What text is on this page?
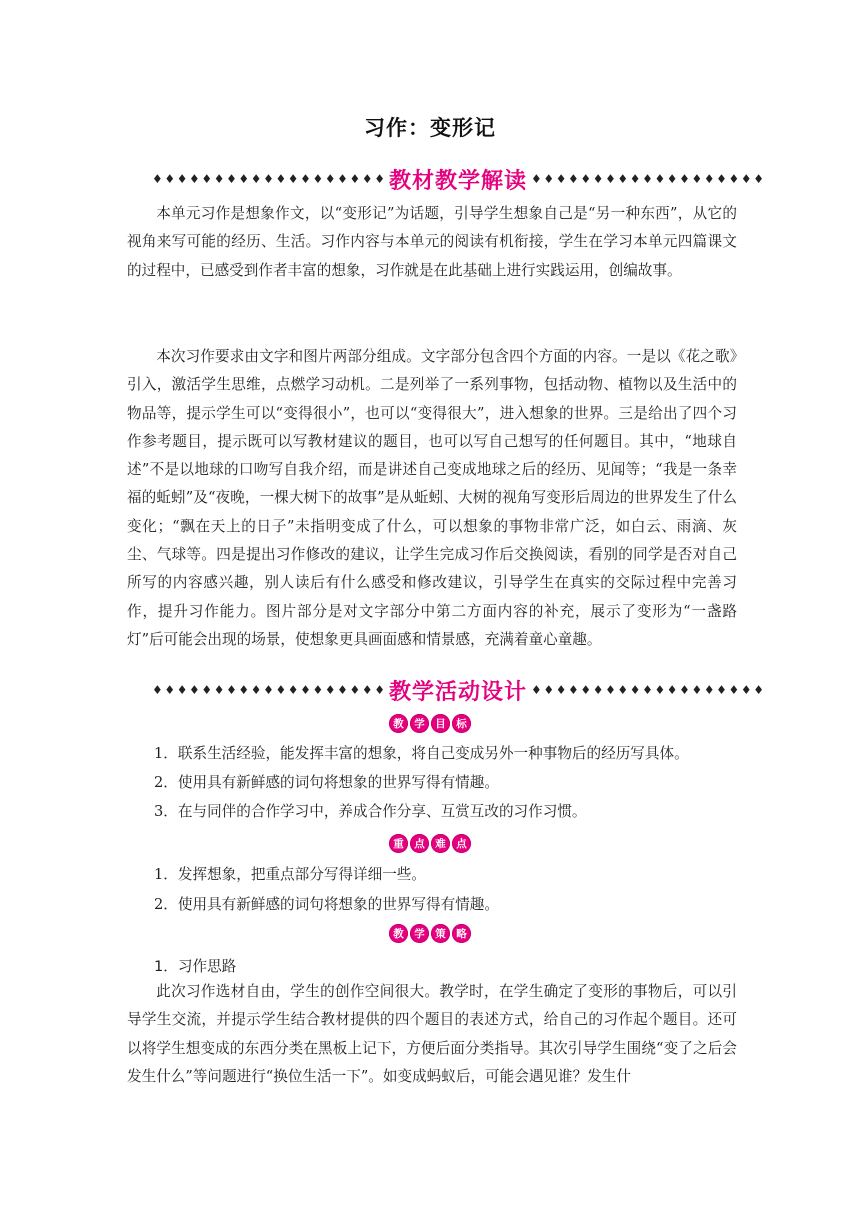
习作：变形记
♦ ♦ ♦ ♦ ♦ ♦ ♦ ♦ ♦ ♦ ♦ ♦ ♦ ♦ ♦ ♦ ♦ ♦ ♦ 教材教学解读 ♦ ♦ ♦ ♦ ♦ ♦ ♦ ♦ ♦ ♦ ♦ ♦ ♦ ♦ ♦ ♦ ♦ ♦ ♦

本单元习作是想象作文，以“变形记”为话题，引导学生想象自己是“另一种东西”，从它的视角来写可能的经历、生活。习作内容与本单元的阅读有机衔接，学生在学习本单元四篇课文的过程中，已感受到作者丰富的想象，习作就是在此基础上进行实践运用，创编故事。

本次习作要求由文字和图片两部分组成。文字部分包含四个方面的内容。一是以《花之歌》引入，激活学生思维，点燃学习动机。二是列举了一系列事物，包括动物、植物以及生活中的物品等，提示学生可以“变得很小”，也可以“变得很大”，进入想象的世界。三是给出了四个习作参考题目，提示既可以写教材建议的题目，也可以写自己想写的任何题目。其中，“地球自述”不是以地球的口吻写自我介绍，而是讲述自己变成地球之后的经历、见闻等；“我是一条幸福的蚯蚓”及“夜晚，一棵大树下的故事”是从蚯蚓、大树的视角写变形后周边的世界发生了什么变化；“飘在天上的日子”未指明变成了什么，可以想象的事物非常广泛，如白云、雨滴、灰尘、气球等。四是提出习作修改的建议，让学生完成习作后交换阅读，看别的同学是否对自己所写的内容感兴趣，别人读后有什么感受和修改建议，引导学生在真实的交际过程中完善习作，提升习作能力。图片部分是对文字部分中第二方面内容的补充，展示了变形为“一盏路灯”后可能会出现的场景，使想象更具画面感和情景感，充满着童心童趣。

♦ ♦ ♦ ♦ ♦ ♦ ♦ ♦ ♦ ♦ ♦ ♦ ♦ ♦ ♦ ♦ ♦ ♦ ♦ 教学活动设计 ♦ ♦ ♦ ♦ ♦ ♦ ♦ ♦ ♦ ♦ ♦ ♦ ♦ ♦ ♦ ♦ ♦ ♦ ♦
教	学	目	标

1．联系生活经验，能发挥丰富的想象，将自己变成另外一种事物后的经历写具体。

2．使用具有新鲜感的词句将想象的世界写得有情趣。

3．在与同伴的合作学习中，养成合作分享、互赏互改的习作习惯。

重	点	难	点

1．发挥想象，把重点部分写得详细一些。

2．使用具有新鲜感的词句将想象的世界写得有情趣。

教	学	策	略
1．习作思路

此次习作选材自由，学生的创作空间很大。教学时，在学生确定了变形的事物后，可以引导学生交流，并提示学生结合教材提供的四个题目的表述方式，给自己的习作起个题目。还可以将学生想变成的东西分类在黑板上记下，方便后面分类指导。其次引导学生围绕“变了之后会发生什么”等问题进行“换位生活一下”。如变成蚂蚁后，可能会遇见谁？发生什
